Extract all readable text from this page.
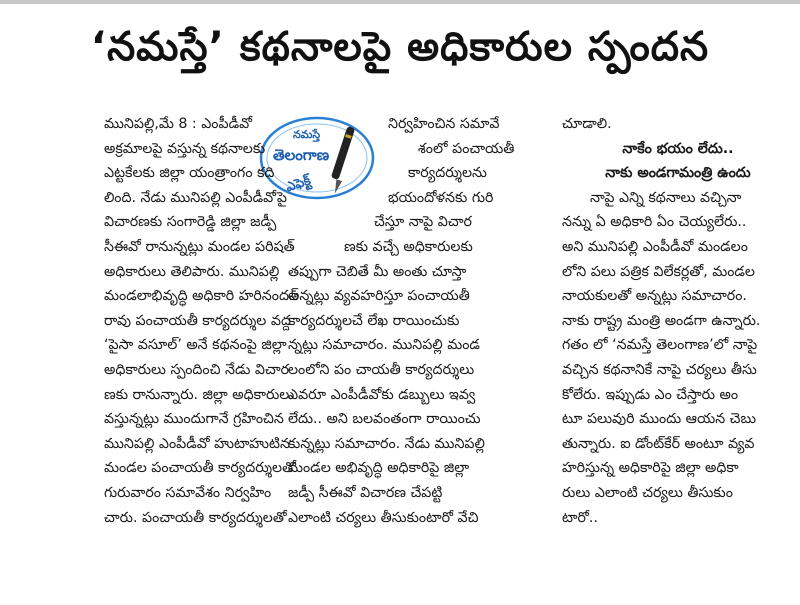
‘నమస్తే’ కథనాలపై అధికారుల స్పందన
నమస్తే
తెలంగాణ
ఎఫెక్ట్
మునిపల్లి,మే 8 : ఎంపీడీవో
అక్రమాలపై వస్తున్న కథనాలకు
ఎట్టకేలకు జిల్లా యంత్రాంగం కది
లింది. నేడు మునిపల్లి ఎంపీడీవోపై
విచారణకు సంగారెడ్డి జిల్లా జడ్పీ
సీఈవో రానున్నట్లు మండల పరిషత్
అధికారులు తెలిపారు. మునిపల్లి
మండలాభివృద్ధి అధికారి హరినందన్
రావు పంచాయతీ కార్యదర్శుల వద్ద
‘పైసా వసూల్’ అనే కథనంపై జిల్లా
అధికారులు స్పందించి నేడు విచార
ణకు రానున్నారు. జిల్లా అధికారులు
వస్తున్నట్లు ముందుగానే గ్రహించిన
మునిపల్లి ఎంపీడీవో హుటాహుటిన
మండల పంచాయతీ కార్యదర్శులతో
గురువారం సమావేశం నిర్వహిం
చారు. పంచాయతీ కార్యదర్శులతో
నిర్వహించిన సమావే
శంలో పంచాయతీ
కార్యదర్శులను
భయందోళనకు గురి
చేస్తూ నాపై విచార
ణకు వచ్చే అధికారులకు
తప్పుగా చెబితే మీ అంతు చూస్తా
అన్నట్లు వ్యవహరిస్తూ పంచాయతీ
కార్యదర్శులచే లేఖ రాయించుకు
న్నట్లు సమాచారం. మునిపల్లి మండ
లంలోని పం చాయతీ కార్యదర్శులు
ఎవరూ ఎంపీడీవోకు డబ్బులు ఇవ్వ
లేదు.. అని బలవంతంగా రాయించు
కున్నట్లు సమాచారం. నేడు మునిపల్లి
మండల అభివృద్ధి అధికారిపై జిల్లా
జడ్పీ సీఈవో విచారణ చేపట్టి
ఎలాంటి చర్యలు తీసుకుంటారో వేచి
చూడాలి.
నాకేం భయం లేదు..
నాకు అండగామంత్రి ఉందు
నాపై ఎన్ని కథనాలు వచ్చినా
నన్ను ఏ అధికారి ఏం చెయ్యలేరు..
అని మునిపల్లి ఎంపీడీవో మండలం
లోని పలు పత్రిక విలేకర్లతో, మండల
నాయకులతో అన్నట్లు సమాచారం.
నాకు రాష్ట్ర మంత్రి అండగా ఉన్నారు.
గతం లో ‘నమస్తే తెలంగాణ’లో నాపై
వచ్చిన కథనానికే నాపై చర్యలు తీసు
కోలేరు. ఇప్పుడు ఎం చేస్తారు అం
టూ పలువురి ముందు ఆయన చెబు
తున్నారు. ఐ డోంట్‌కేర్ అంటూ వ్యవ
హరిస్తున్న అధికారిపై జిల్లా అధికా
రులు ఎలాంటి చర్యలు తీసుకుం
టారో..
